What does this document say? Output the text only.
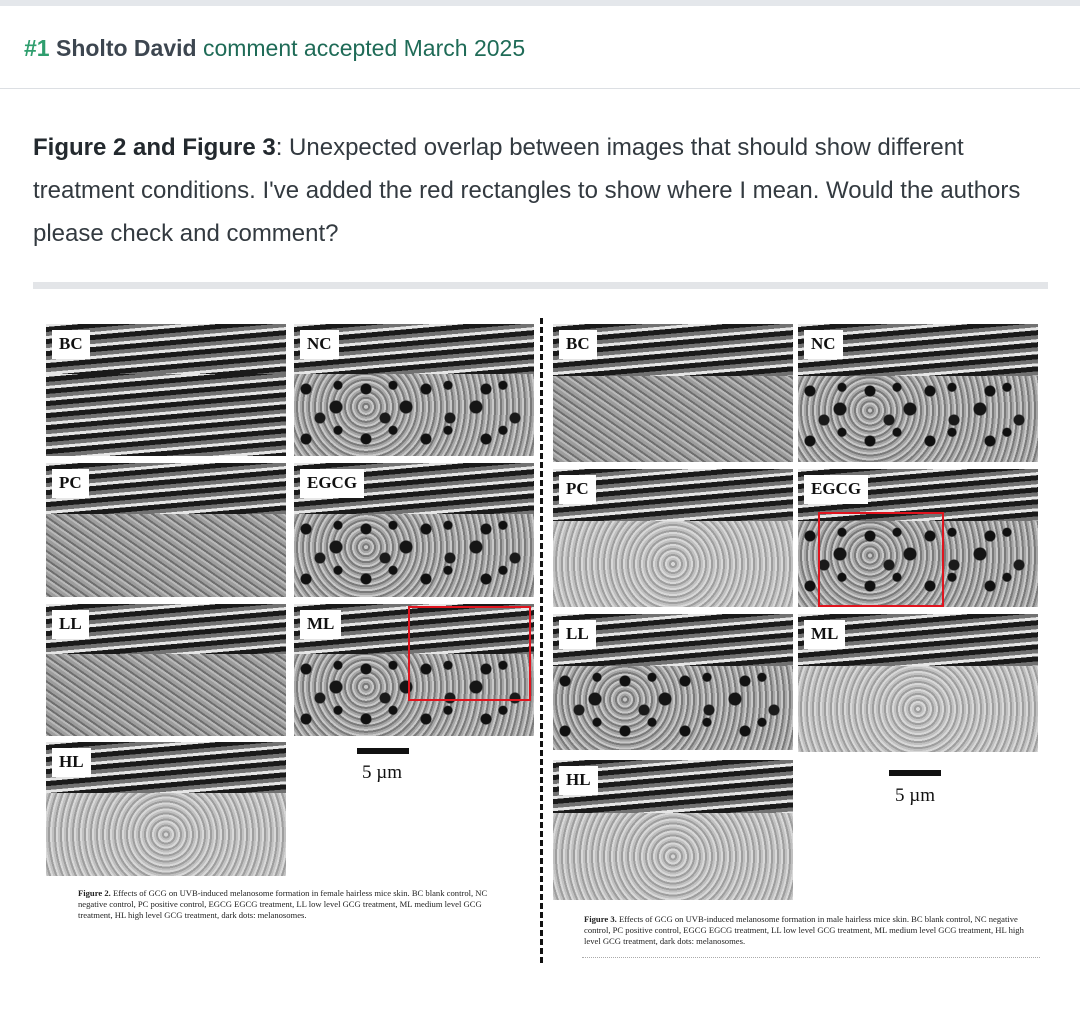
#1 Sholto David comment accepted March 2025
Figure 2 and Figure 3: Unexpected overlap between images that should show different treatment conditions. I've added the red rectangles to show where I mean. Would the authors please check and comment?
BC	NC
PC	EGCG
LL	ML
HL
5 µm
Figure 2. Effects of GCG on UVB-induced melanosome formation in female hairless mice skin. BC blank control, NC negative control, PC positive control, EGCG EGCG treatment, LL low level GCG treatment, ML medium level GCG treatment, HL high level GCG treatment, dark dots: melanosomes.
BC	NC
PC	EGCG
LL	ML
HL
5 µm
Figure 3. Effects of GCG on UVB-induced melanosome formation in male hairless mice skin. BC blank control, NC negative control, PC positive control, EGCG EGCG treatment, LL low level GCG treatment, ML medium level GCG treatment, HL high level GCG treatment, dark dots: melanosomes.
